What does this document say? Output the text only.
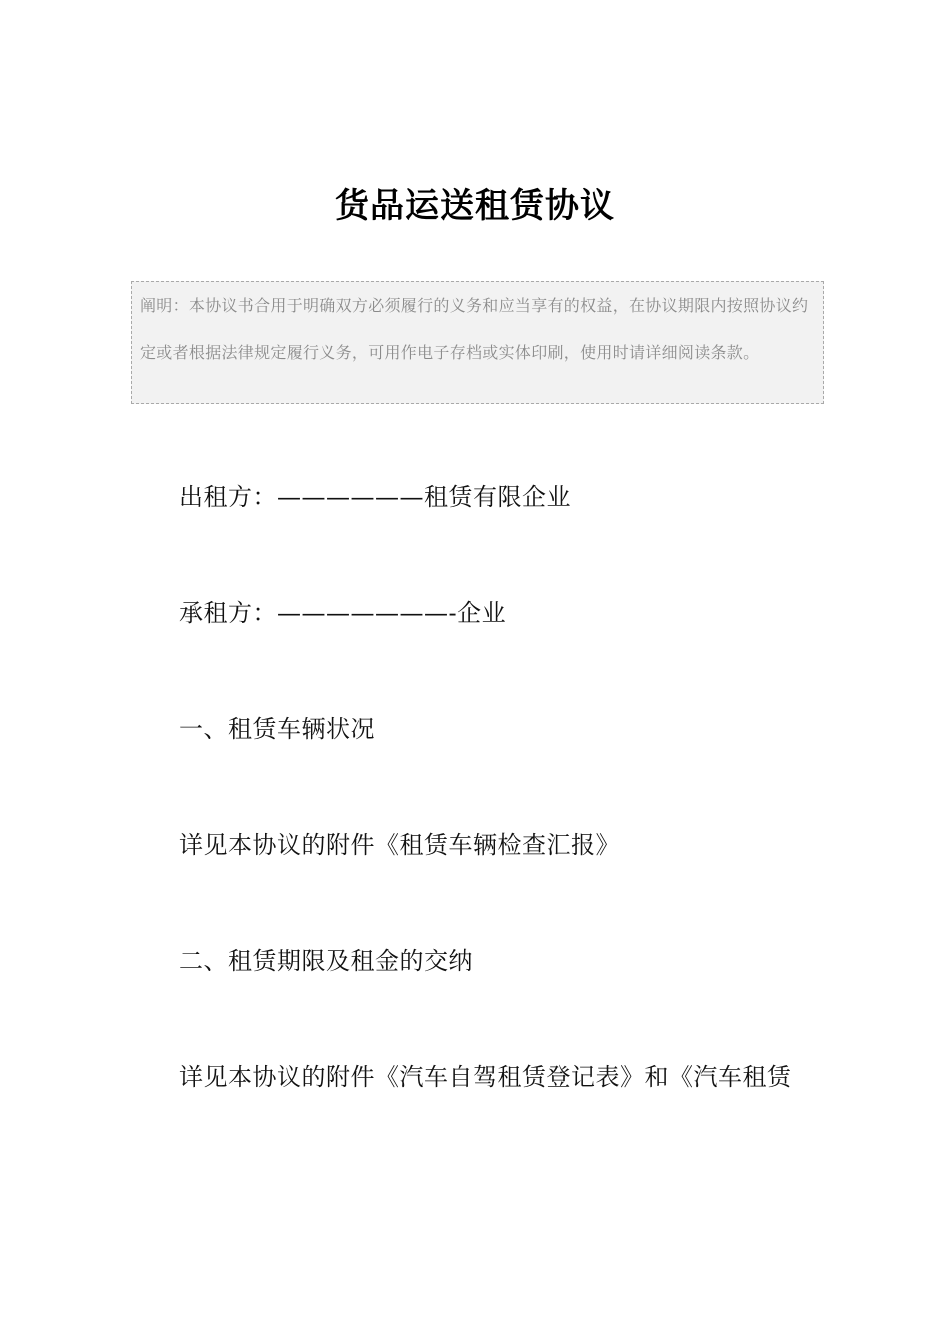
货品运送租赁协议

阐明：本协议书合用于明确双方必须履行的义务和应当享有的权益，在协议期限内按照协议约定或者根据法律规定履行义务，可用作电子存档或实体印刷，使用时请详细阅读条款。

出租方：——————租赁有限企业

承租方：———————-企业

一、租赁车辆状况

详见本协议的附件《租赁车辆检查汇报》

二、租赁期限及租金的交纳

详见本协议的附件《汽车自驾租赁登记表》和《汽车租赁
